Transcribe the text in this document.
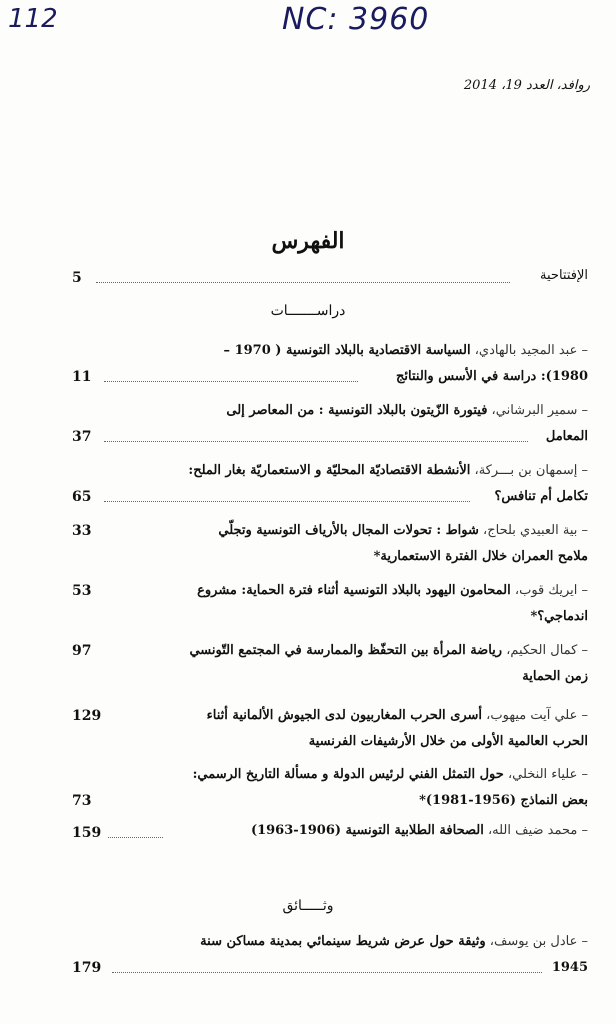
112	NC: 3960
روافد، العدد 19، 2014
الفهرس
الإفتتاحية
5
دراســـــــات
– عبد المجيد بالهادي، السياسة الاقتصادية بالبلاد التونسية ( 1970 –
1980): دراسة في الأسس والنتائج
11
– سمير البرشاني، فيتورة الزّيتون بالبلاد التونسية : من المعاصر إلى
المعامل
37
– إسمهان بن بـــركة، الأنشطة الاقتصاديّة المحليّة و الاستعماريّة بغار الملح:
تكامل أم تنافس؟
65
– بية العبيدي بلحاج، شواط : تحولات المجال بالأرياف التونسية وتجلّي
ملامح العمران خلال الفترة الاستعمارية*
33
– ايريك قوب، المحامون اليهود بالبلاد التونسية أثناء فترة الحماية: مشروع
اندماجي؟*
53
– كمال الحكيم، رياضة المرأة بين التحفّظ والممارسة في المجتمع التّونسي
زمن الحماية
97
– علي آيت ميهوب، أسرى الحرب المغاربيون لدى الجيوش الألمانية أثناء
الحرب العالمية الأولى من خلال الأرشيفات الفرنسية
129
– علياء النخلي، حول التمثل الفني لرئيس الدولة و مسألة التاريخ الرسمي:
بعض النماذج (1956-1981)*
73
– محمد ضيف الله، الصحافة الطلابية التونسية (1906-1963)
159
وثـــــائق
– عادل بن يوسف، وثيقة حول عرض شريط سينمائي بمدينة مساكن سنة
1945
179
